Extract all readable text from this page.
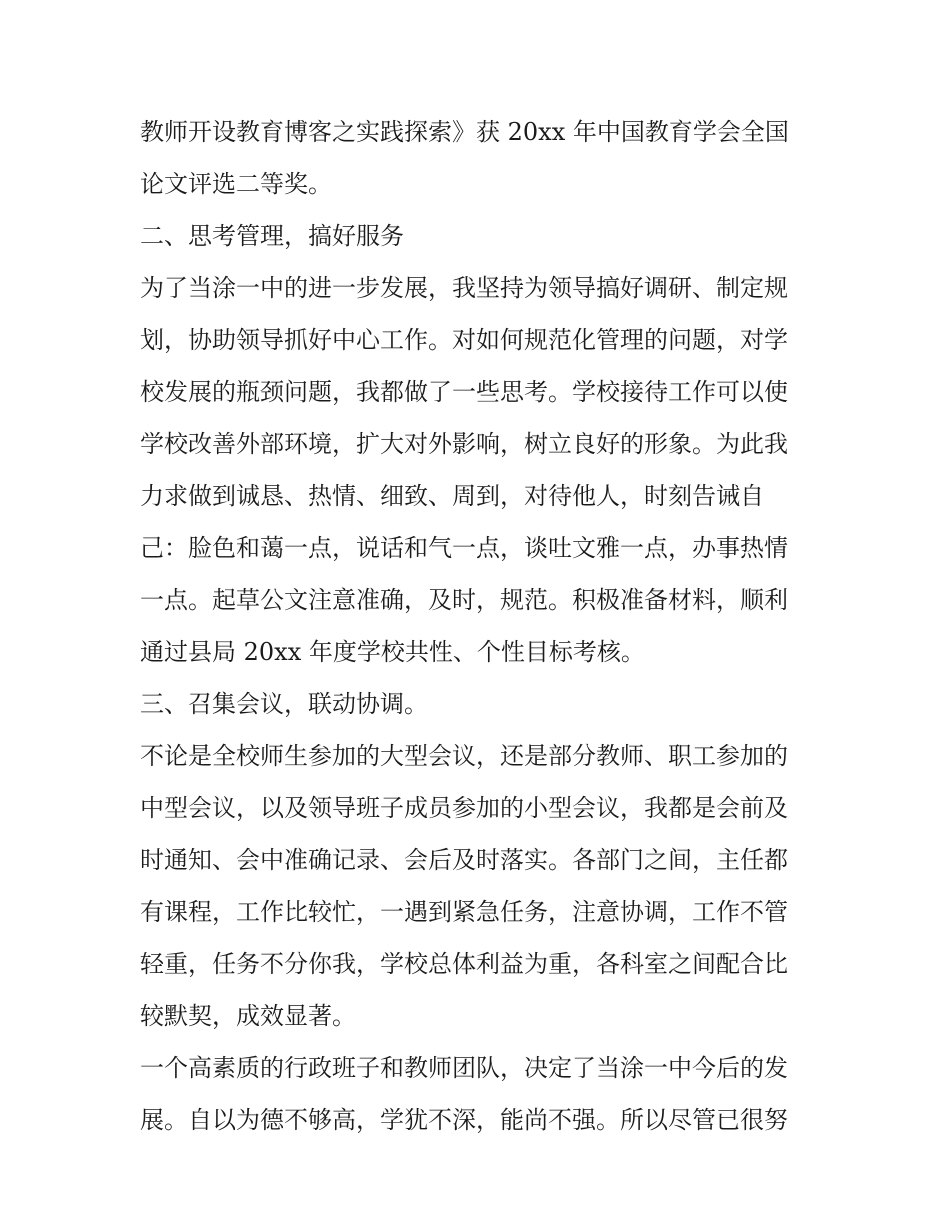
教师开设教育博客之实践探索》获 20xx 年中国教育学会全国
论文评选二等奖。
二、思考管理，搞好服务
为了当涂一中的进一步发展，我坚持为领导搞好调研、制定规
划，协助领导抓好中心工作。对如何规范化管理的问题，对学
校发展的瓶颈问题，我都做了一些思考。学校接待工作可以使
学校改善外部环境，扩大对外影响，树立良好的形象。为此我
力求做到诚恳、热情、细致、周到，对待他人，时刻告诫自
己：脸色和蔼一点，说话和气一点，谈吐文雅一点，办事热情
一点。起草公文注意准确，及时，规范。积极准备材料，顺利
通过县局 20xx 年度学校共性、个性目标考核。
三、召集会议，联动协调。
不论是全校师生参加的大型会议，还是部分教师、职工参加的
中型会议，以及领导班子成员参加的小型会议，我都是会前及
时通知、会中准确记录、会后及时落实。各部门之间，主任都
有课程，工作比较忙，一遇到紧急任务，注意协调，工作不管
轻重，任务不分你我，学校总体利益为重，各科室之间配合比
较默契，成效显著。
一个高素质的行政班子和教师团队，决定了当涂一中今后的发
展。自以为德不够高，学犹不深，能尚不强。所以尽管已很努
